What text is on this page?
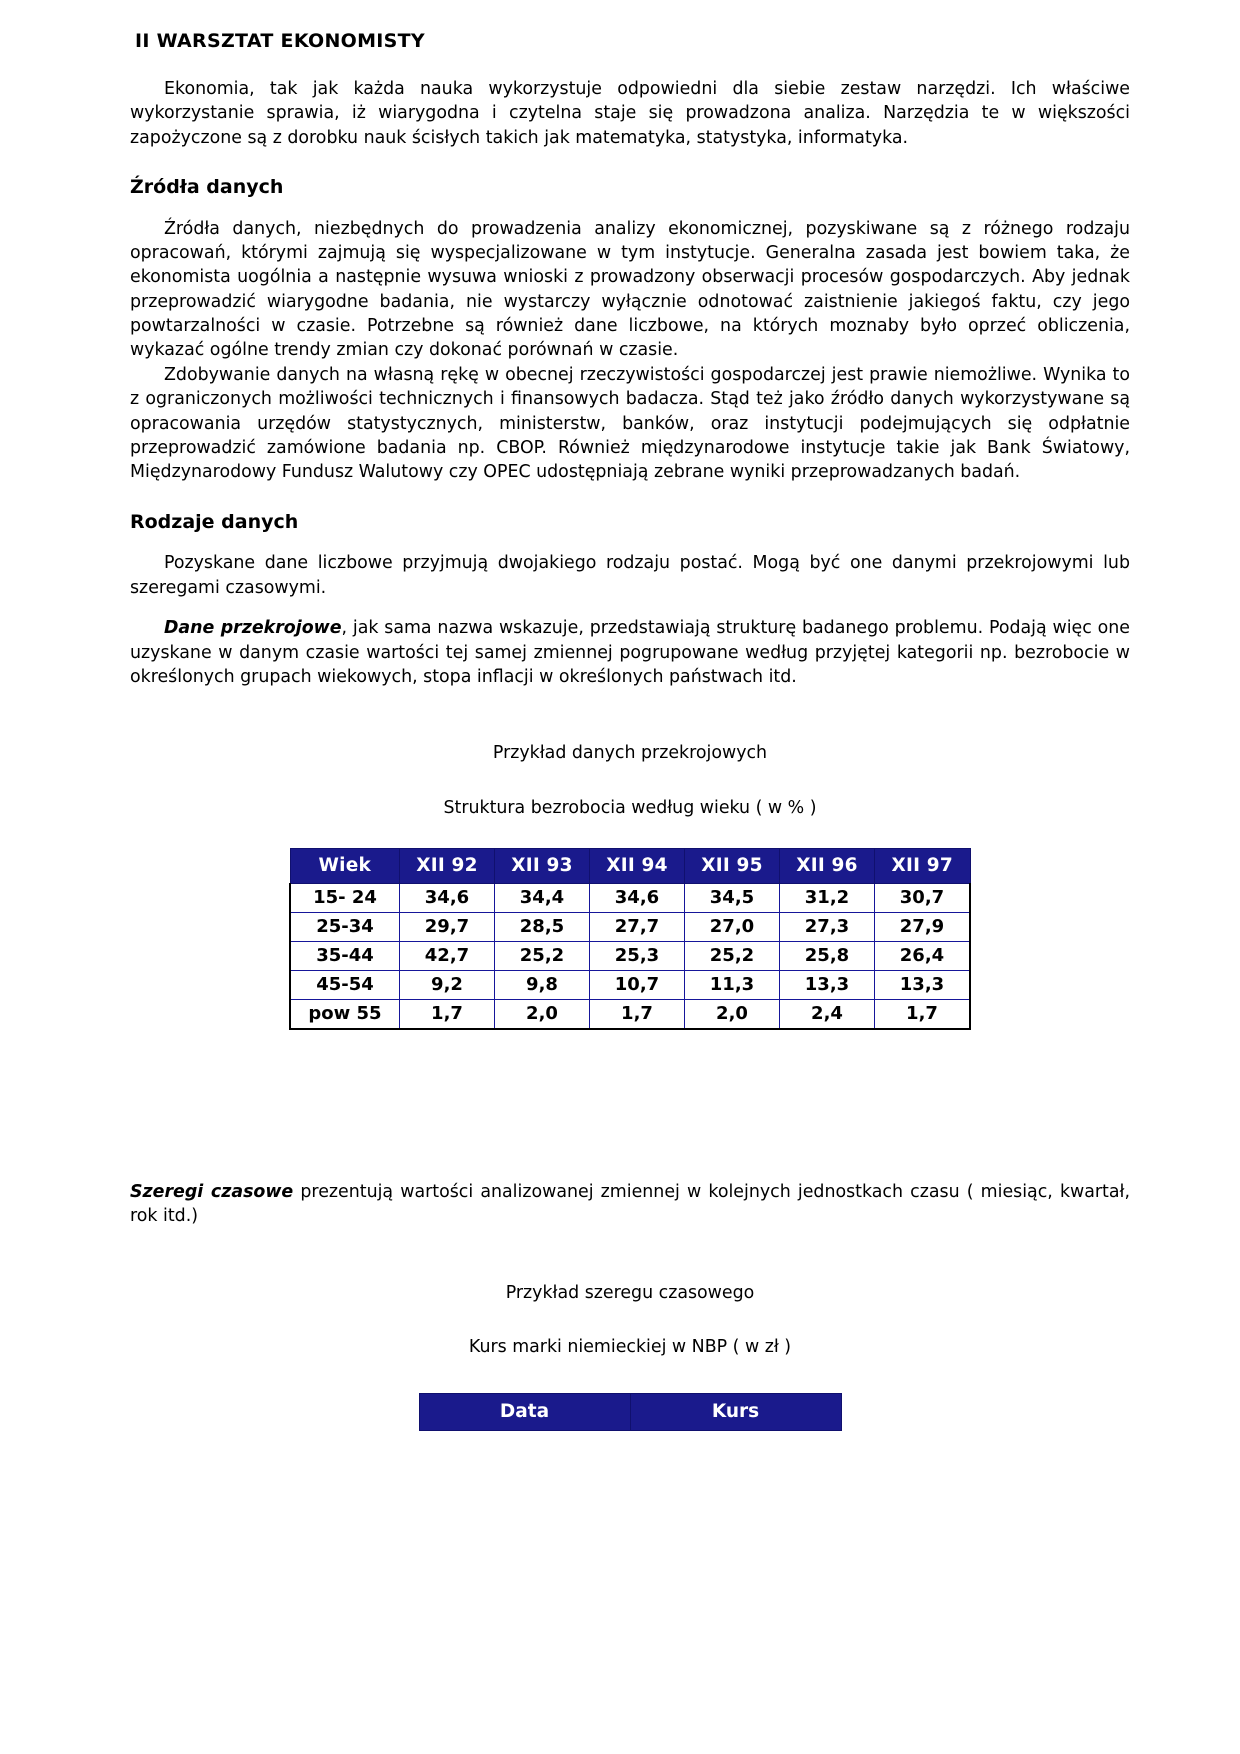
II WARSZTAT EKONOMISTY

Ekonomia, tak jak każda nauka wykorzystuje odpowiedni dla siebie zestaw narzędzi. Ich właściwe wykorzystanie sprawia, iż wiarygodna i czytelna staje się prowadzona analiza. Narzędzia te w większości zapożyczone są z dorobku nauk ścisłych takich jak matematyka, statystyka, informatyka.

Źródła danych

Źródła danych, niezbędnych do prowadzenia analizy ekonomicznej, pozyskiwane są z różnego rodzaju opracowań, którymi zajmują się wyspecjalizowane w tym instytucje. Generalna zasada jest bowiem taka, że ekonomista uogólnia a następnie wysuwa wnioski z prowadzony obserwacji procesów gospodarczych. Aby jednak przeprowadzić wiarygodne badania, nie wystarczy wyłącznie odnotować zaistnienie jakiegoś faktu, czy jego powtarzalności w czasie. Potrzebne są również dane liczbowe, na których moznaby było oprzeć obliczenia, wykazać ogólne trendy zmian czy dokonać porównań w czasie.

Zdobywanie danych na własną rękę w obecnej rzeczywistości gospodarczej jest prawie niemożliwe. Wynika to z ograniczonych możliwości technicznych i finansowych badacza. Stąd też jako źródło danych wykorzystywane są opracowania urzędów statystycznych, ministerstw, banków, oraz instytucji podejmujących się odpłatnie przeprowadzić zamówione badania np. CBOP. Również międzynarodowe instytucje takie jak Bank Światowy, Międzynarodowy Fundusz Walutowy czy OPEC udostępniają zebrane wyniki przeprowadzanych badań.

Rodzaje danych

Pozyskane dane liczbowe przyjmują dwojakiego rodzaju postać. Mogą być one danymi przekrojowymi lub szeregami czasowymi.

Dane przekrojowe, jak sama nazwa wskazuje, przedstawiają strukturę badanego problemu. Podają więc one uzyskane w danym czasie wartości tej samej zmiennej pogrupowane według przyjętej kategorii np. bezrobocie w określonych grupach wiekowych, stopa inflacji w określonych państwach itd.

Przykład danych przekrojowych

Struktura bezrobocia według wieku ( w % )

Wiek	XII 92	XII 93	XII 94	XII 95	XII 96	XII 97
15- 24	34,6	34,4	34,6	34,5	31,2	30,7
25-34	29,7	28,5	27,7	27,0	27,3	27,9
35-44	42,7	25,2	25,3	25,2	25,8	26,4
45-54	9,2	9,8	10,7	11,3	13,3	13,3
pow 55	1,7	2,0	1,7	2,0	2,4	1,7

Szeregi czasowe prezentują wartości analizowanej zmiennej w kolejnych jednostkach czasu ( miesiąc, kwartał, rok itd.)

Przykład szeregu czasowego

Kurs marki niemieckiej w NBP ( w zł )

Data	Kurs
